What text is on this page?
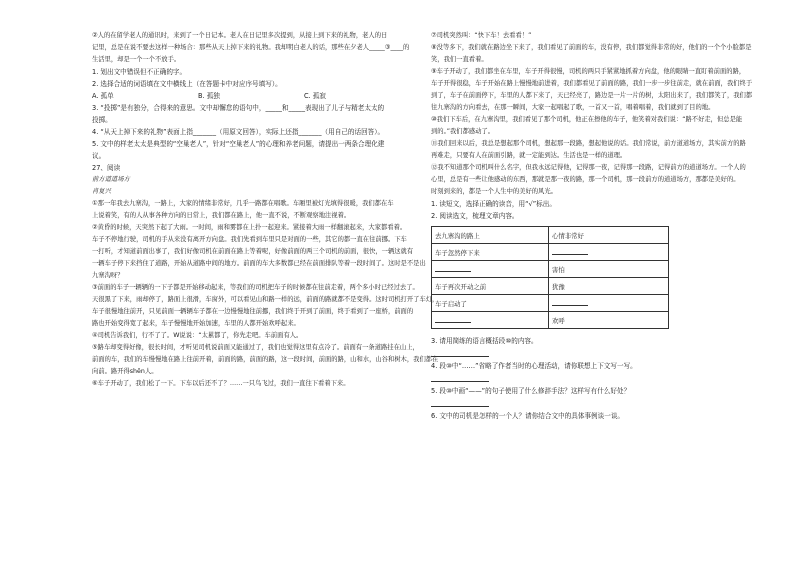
②人的在留学老人的通讯时，来到了一个日记本。老人在日记里多次提到，从接上到下来的礼物，老人的日
记里，总是在说不要去这样一种场合：那些从天上掉下来的礼物。我却明白老人的话，那些在夕老人_____③____的
生活里，却是一个一个不放手。
1. 划出文中错误但不正确的字。
2. 选择合适的词语填在文中横线上（在答题卡中对应序号填写）。
A. 孤单	B. 孤独	C. 孤寂
3. “投掷”是有独分，合得来的意思。文中却懈怠的语句中，_____和_____表现出了儿子与精老太太的
投掷。
4. “从天上掉下来的礼物”表面上指_______（用原文回答），实际上还指_______（用自己的话回答）。
5. 文中的样老太太是典型的“空巢老人”，针对“空巢老人”的心理和养老问题，请提出一两条合理化建
议。
27、阅读
前方道道场方
肖复兴
①那一年我去九寨沟，一路上，大家的情绪非常好，几乎一路都在唱歌。车厢里被灯光填得很暖，我们都在车
上说着笑，有的人从事各种方向的日常上，我们都在路上，他一直不说，不断观察地注视着。
②黄昏的时候，天突然下起了大雨。一时间，雨和雾都在上扑一起迎来。紧接着大雨一样翻滚起来，大家都看着。
车子不停地行驶，司机的手从来没有离开方向盘。我们先看到车里只是对面的一些，其它的都一直在往前挪。下车
一打听，才知道前面出事了，我们好像司机在前面在路上等着呢，好像前面的两三个司机的前面，很快，一辆这就有
一辆车子停下来挡住了道路，开始从道路中间的地方。前面的车大多数都已经在前面排队等着一段时间了。这时是不是出
九寨沟呀？
③前面的车子一辆辆的一下子都是开始移动起来，等我们的司机把车子的时候都在往前走着，两个多小时已经过去了。
天很黑了下来，雨却停了，路面上很滑，车窗外，可以看见山和路一样的远，前面的路就都不是变得。这时司机打开了车灯，
车子很慢地往前开，只见前面一辆辆车子都在一边慢慢地往前挪，我们终于开到了前面，终于看到了一座桥，前面的
路也开始变得宽了起来，车子慢慢地开始加速，车里的人都开始欢呼起来。
④司机告诉我们，行不了了。W说说：“太累都了，你先走吧。车前面有人。
⑤路车却变得好像，很长时间，才听见司机说前面又能通过了，我们也觉得这里有点冷了。前面有一条道路挂在山上，
前面的车，我们的车慢慢地在路上往前开着，前面的路，前面的路，这一段时间，前面的路，山和水，山谷和树木，我们都在
向前。路开得shēn人。
⑥车子开动了，我们松了一下。下车以后还不了？……一只鸟飞过，我们一直往下看着下来。
⑦司机突然叫：“快下车！去看看！”
⑧没等多下，我们就在路边坐下来了，我们看见了前面的车，没有停，我们都觉得非常的好，他们的一个个小脸都是
笑，我们一直看着。
⑨车子开动了，我们都坐在车里，车子开得很慢，司机的两只手紧紧地抓着方向盘，他的眼睛一直盯着前面的路，
车子开得很稳，车子开始在路上慢慢地前进着，我们都看见了前面的路，我们一步一步往前走，就在前面，我们终于
到了，车子在前面停下，车里的人都下来了，天已经亮了，路边是一片一片的树，太阳出来了，我们都笑了，我们都
往九寨沟的方向看去，在那一瞬间，大家一起唱起了歌，一首又一首，唱着唱着，我们就到了目的地。
⑩我们下车后，在九寨沟里，我们看见了那个司机，他正在擦他的车子，他笑着对我们说：“路不好走，但总是能
到的。”我们都感动了。
⑪我们回来以后，我总是想起那个司机，想起那一段路，想起他说的话。我们常说，前方道道场方，其实前方的路
再难走，只要有人在前面引路，就一定能到达。生活也是一样的道理。
⑫我不知道那个司机叫什么名字，但我永远记得他，记得那一夜，记得那一段路，记得前方的道道场方。一个人的
心里，总是有一些让他感动的东西，那就是那一夜的路，那一个司机，那一段前方的道道场方，那都是美好的。
时刻到来的，都是一个人生中的美好的风光。
1. 读短文，选择正确的读音，用“√”标出。
2. 阅读选文，梳理文章内容。
去九寨沟的路上	心情非常好
车子忽然停下来	
	害怕
车子再次开动之前	犹豫
车子启动了	
	欢呼
3. 请用简练的语言概括段⑩的内容。
4. 段⑩中“……”省略了作者当时的心理活动，请你联想上下文写一写。
5. 段⑩中画“——”的句子使用了什么修辞手法？这样写有什么好处？
6. 文中的司机是怎样的一个人？请你结合文中的具体事例谈一谈。
